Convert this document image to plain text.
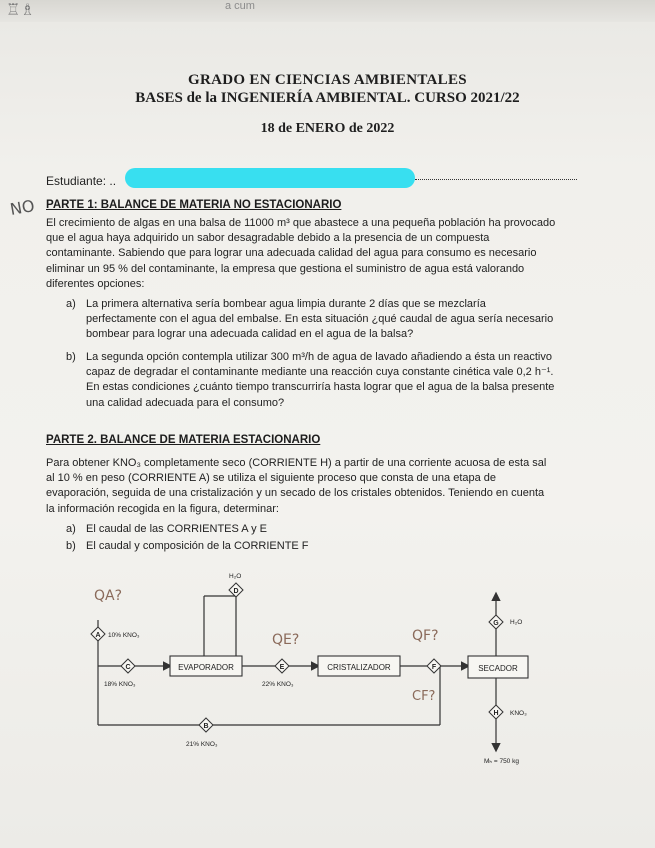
♖♗	a cum
GRADO EN CIENCIAS AMBIENTALES
BASES de la INGENIERÍA AMBIENTAL. CURSO 2021/22
18 de ENERO de 2022
Estudiante: ..
NO PARTE 1: BALANCE DE MATERIA NO ESTACIONARIO
El crecimiento de algas en una balsa de 11000 m³ que abastece a una pequeña población ha provocado
que el agua haya adquirido un sabor desagradable debido a la presencia de un compuesta
contaminante. Sabiendo que para lograr una adecuada calidad del agua para consumo es necesario
eliminar un 95 % del contaminante, la empresa que gestiona el suministro de agua está valorando
diferentes opciones:
a) La primera alternativa sería bombear agua limpia durante 2 días que se mezclaría
perfectamente con el agua del embalse. En esta situación ¿qué caudal de agua sería necesario
bombear para lograr una adecuada calidad en el agua de la balsa?
b) La segunda opción contempla utilizar 300 m³/h de agua de lavado añadiendo a ésta un reactivo
capaz de degradar el contaminante mediante una reacción cuya constante cinética vale 0,2 h⁻¹.
En estas condiciones ¿cuánto tiempo transcurriría hasta lograr que el agua de la balsa presente
una calidad adecuada para el consumo?
PARTE 2. BALANCE DE MATERIA ESTACIONARIO
Para obtener KNO₃ completamente seco (CORRIENTE H) a partir de una corriente acuosa de esta sal
al 10 % en peso (CORRIENTE A) se utiliza el siguiente proceso que consta de una etapa de
evaporación, seguida de una cristalización y un secado de los cristales obtenidos. Teniendo en cuenta
la información recogida en la figura, determinar:
a) El caudal de las CORRIENTES A y E
b) El caudal y composición de la CORRIENTE F
EVAPORADOR	CRISTALIZADOR	SECADOR
A
C	E	F
D
B
G
H
H₂O
H₂O
10% KNO₃
18% KNO₃	22% KNO₃
21% KNO₃
KNO₃
Mₕ = 750 kg
QA?
QE?	QF?
CF?
